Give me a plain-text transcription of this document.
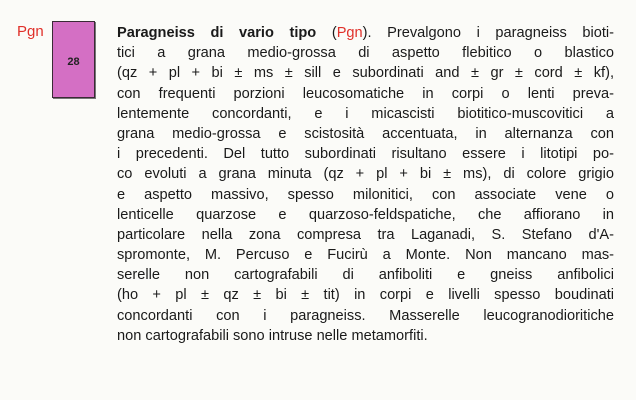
Pgn
28
Paragneiss di vario tipo (Pgn). Prevalgono i paragneiss bioti-
tici a grana medio-grossa di aspetto flebitico o blastico
(qz + pl + bi ± ms ± sill e subordinati and ± gr ± cord ± kf),
con frequenti porzioni leucosomatiche in corpi o lenti preva-
lentemente concordanti, e i micascisti biotitico-muscovitici a
grana medio-grossa e scistosità accentuata, in alternanza con
i precedenti. Del tutto subordinati risultano essere i litotipi po-
co evoluti a grana minuta (qz + pl + bi ± ms), di colore grigio
e aspetto massivo, spesso milonitici, con associate vene o
lenticelle quarzose e quarzoso-feldspatiche, che affiorano in
particolare nella zona compresa tra Laganadi, S. Stefano d'A-
spromonte, M. Percuso e Fucirù a Monte. Non mancano mas-
serelle non cartografabili di anfiboliti e gneiss anfibolici
(ho + pl ± qz ± bi ± tit) in corpi e livelli spesso boudinati
concordanti con i paragneiss. Masserelle leucogranodioritiche
non cartografabili sono intruse nelle metamorfiti.
